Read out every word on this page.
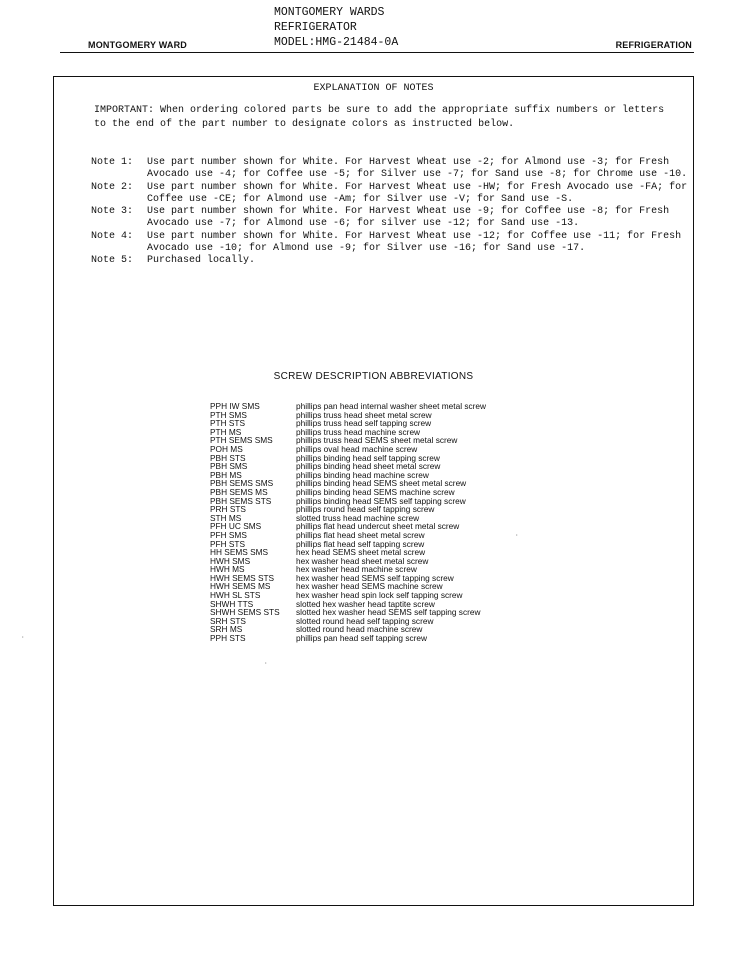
MONTGOMERY WARD
MONTGOMERY WARDS
REFRIGERATOR
MODEL:HMG-21484-0A	REFRIGERATION
EXPLANATION OF NOTES
IMPORTANT: When ordering colored parts be sure to add the appropriate suffix numbers or letters to the end of the part number to designate colors as instructed below.
Note 1:	Use part number shown for White. For Harvest Wheat use -2; for Almond use -3; for Fresh Avocado use -4; for Coffee use -5; for Silver use -7; for Sand use -8; for Chrome use -10.
Note 2:	Use part number shown for White. For Harvest Wheat use -HW; for Fresh Avocado use -FA; for Coffee use -CE; for Almond use -Am; for Silver use -V; for Sand use -S.
Note 3:	Use part number shown for White. For Harvest Wheat use -9; for Coffee use -8; for Fresh Avocado use -7; for Almond use -6; for silver use -12; for Sand use -13.
Note 4:	Use part number shown for White. For Harvest Wheat use -12; for Coffee use -11; for Fresh Avocado use -10; for Almond use -9; for Silver use -16; for Sand use -17.
Note 5:	Purchased locally.
SCREW DESCRIPTION ABBREVIATIONS
PPH IW SMS	phillips pan head internal washer sheet metal screw
PTH SMS	phillips truss head sheet metal screw
PTH STS	phillips truss head self tapping screw
PTH MS	phillips truss head machine screw
PTH SEMS SMS	phillips truss head SEMS sheet metal screw
POH MS	phillips oval head machine screw
PBH STS	phillips binding head self tapping screw
PBH SMS	phillips binding head sheet metal screw
PBH MS	phillips binding head machine screw
PBH SEMS SMS	phillips binding head SEMS sheet metal screw
PBH SEMS MS	phillips binding head SEMS machine screw
PBH SEMS STS	phillips binding head SEMS self tapping screw
PRH STS	phillips round head self tapping screw
STH MS	slotted truss head machine screw
PFH UC SMS	phillips flat head undercut sheet metal screw
PFH SMS	phillips flat head sheet metal screw
PFH STS	phillips flat head self tapping screw
HH SEMS SMS	hex head SEMS sheet metal screw
HWH SMS	hex washer head sheet metal screw
HWH MS	hex washer head machine screw
HWH SEMS STS	hex washer head SEMS self tapping screw
HWH SEMS MS	hex washer head SEMS machine screw
HWH SL STS	hex washer head spin lock self tapping screw
SHWH TTS	slotted hex washer head taptite screw
SHWH SEMS STS	slotted hex washer head SEMS self tapping screw
SRH STS	slotted round head self tapping screw
SRH MS	slotted round head machine screw
PPH STS	phillips pan head self tapping screw
·
·
·
